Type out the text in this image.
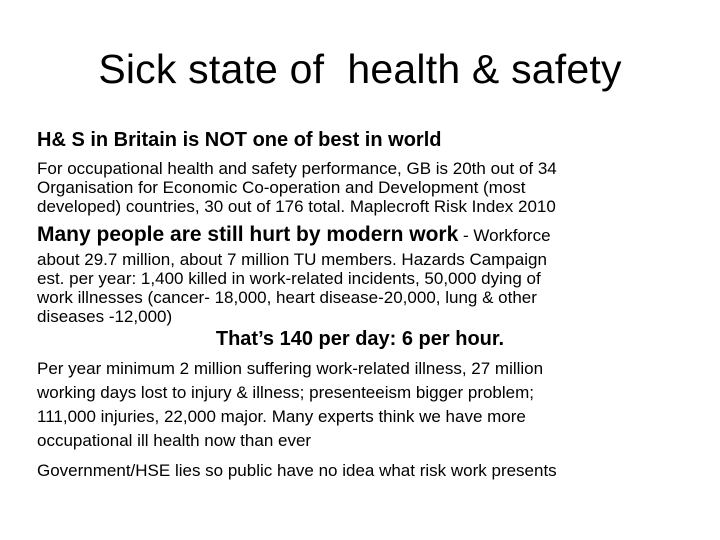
Sick state of  health & safety
H& S in Britain is NOT one of best in world
For occupational health and safety performance, GB is 20th out of 34
Organisation for Economic Co-operation and Development (most
developed) countries, 30 out of 176 total. Maplecroft Risk Index 2010
Many people are still hurt by modern work - Workforce
about 29.7 million, about 7 million TU members. Hazards Campaign
est. per year: 1,400 killed in work-related incidents, 50,000 dying of
work illnesses (cancer- 18,000, heart disease-20,000, lung & other
diseases -12,000)
That’s 140 per day: 6 per hour.
Per year minimum 2 million suffering work-related illness, 27 million
working days lost to injury & illness; presenteeism bigger problem;
111,000 injuries, 22,000 major. Many experts think we have more
occupational ill health now than ever
Government/HSE lies so public have no idea what risk work presents
